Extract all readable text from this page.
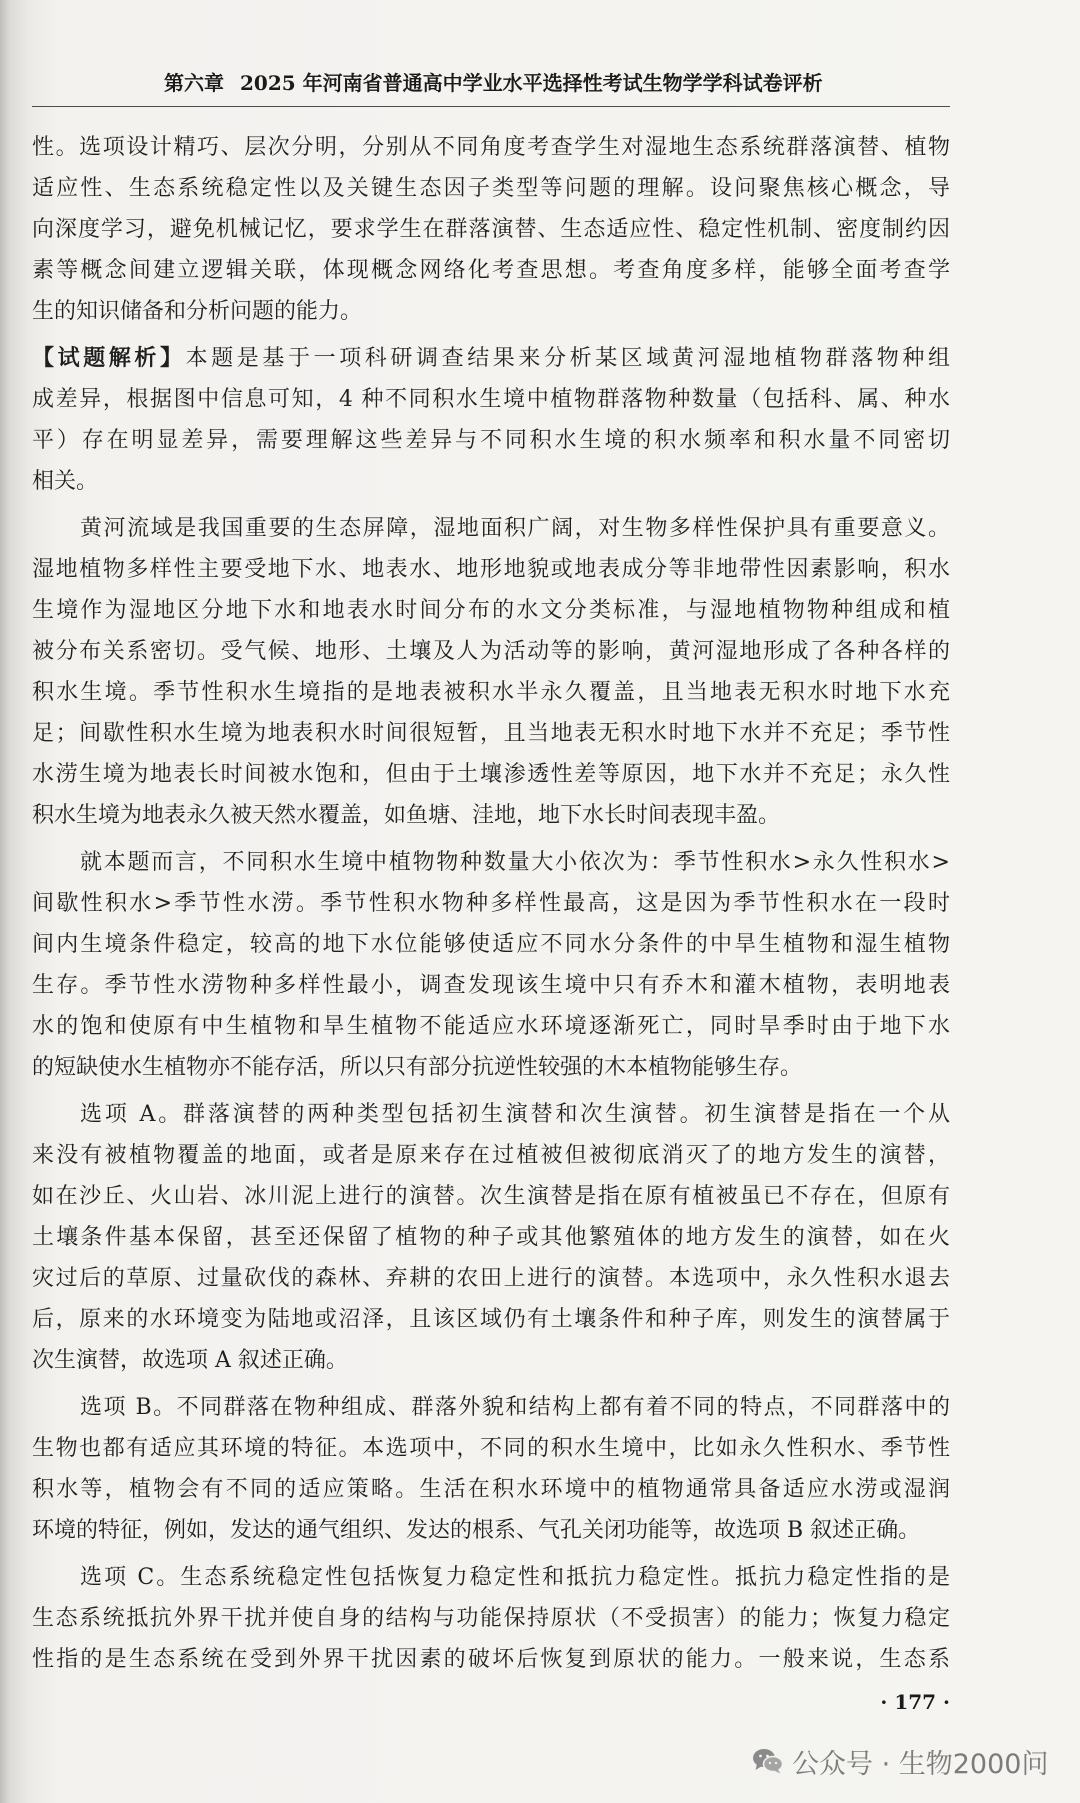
第六章 2025 年河南省普通高中学业水平选择性考试生物学学科试卷评析
性。选项设计精巧、层次分明，分别从不同角度考查学生对湿地生态系统群落演替、植物
适应性、生态系统稳定性以及关键生态因子类型等问题的理解。设问聚焦核心概念，导
向深度学习，避免机械记忆，要求学生在群落演替、生态适应性、稳定性机制、密度制约因
素等概念间建立逻辑关联，体现概念网络化考查思想。考查角度多样，能够全面考查学
生的知识储备和分析问题的能力。
【试题解析】本题是基于一项科研调查结果来分析某区域黄河湿地植物群落物种组
成差异，根据图中信息可知，4 种不同积水生境中植物群落物种数量（包括科、属、种水
平）存在明显差异，需要理解这些差异与不同积水生境的积水频率和积水量不同密切
相关。
黄河流域是我国重要的生态屏障，湿地面积广阔，对生物多样性保护具有重要意义。
湿地植物多样性主要受地下水、地表水、地形地貌或地表成分等非地带性因素影响，积水
生境作为湿地区分地下水和地表水时间分布的水文分类标准，与湿地植物物种组成和植
被分布关系密切。受气候、地形、土壤及人为活动等的影响，黄河湿地形成了各种各样的
积水生境。季节性积水生境指的是地表被积水半永久覆盖，且当地表无积水时地下水充
足；间歇性积水生境为地表积水时间很短暂，且当地表无积水时地下水并不充足；季节性
水涝生境为地表长时间被水饱和，但由于土壤渗透性差等原因，地下水并不充足；永久性
积水生境为地表永久被天然水覆盖，如鱼塘、洼地，地下水长时间表现丰盈。
就本题而言，不同积水生境中植物物种数量大小依次为：季节性积水>永久性积水>
间歇性积水>季节性水涝。季节性积水物种多样性最高，这是因为季节性积水在一段时
间内生境条件稳定，较高的地下水位能够使适应不同水分条件的中旱生植物和湿生植物
生存。季节性水涝物种多样性最小，调查发现该生境中只有乔木和灌木植物，表明地表
水的饱和使原有中生植物和旱生植物不能适应水环境逐渐死亡，同时旱季时由于地下水
的短缺使水生植物亦不能存活，所以只有部分抗逆性较强的木本植物能够生存。
选项 A。群落演替的两种类型包括初生演替和次生演替。初生演替是指在一个从
来没有被植物覆盖的地面，或者是原来存在过植被但被彻底消灭了的地方发生的演替，
如在沙丘、火山岩、冰川泥上进行的演替。次生演替是指在原有植被虽已不存在，但原有
土壤条件基本保留，甚至还保留了植物的种子或其他繁殖体的地方发生的演替，如在火
灾过后的草原、过量砍伐的森林、弃耕的农田上进行的演替。本选项中，永久性积水退去
后，原来的水环境变为陆地或沼泽，且该区域仍有土壤条件和种子库，则发生的演替属于
次生演替，故选项 A 叙述正确。
选项 B。不同群落在物种组成、群落外貌和结构上都有着不同的特点，不同群落中的
生物也都有适应其环境的特征。本选项中，不同的积水生境中，比如永久性积水、季节性
积水等，植物会有不同的适应策略。生活在积水环境中的植物通常具备适应水涝或湿润
环境的特征，例如，发达的通气组织、发达的根系、气孔关闭功能等，故选项 B 叙述正确。
选项 C。生态系统稳定性包括恢复力稳定性和抵抗力稳定性。抵抗力稳定性指的是
生态系统抵抗外界干扰并使自身的结构与功能保持原状（不受损害）的能力；恢复力稳定
性指的是生态系统在受到外界干扰因素的破坏后恢复到原状的能力。一般来说，生态系
· 177 ·
公众号 · 生物2000问
